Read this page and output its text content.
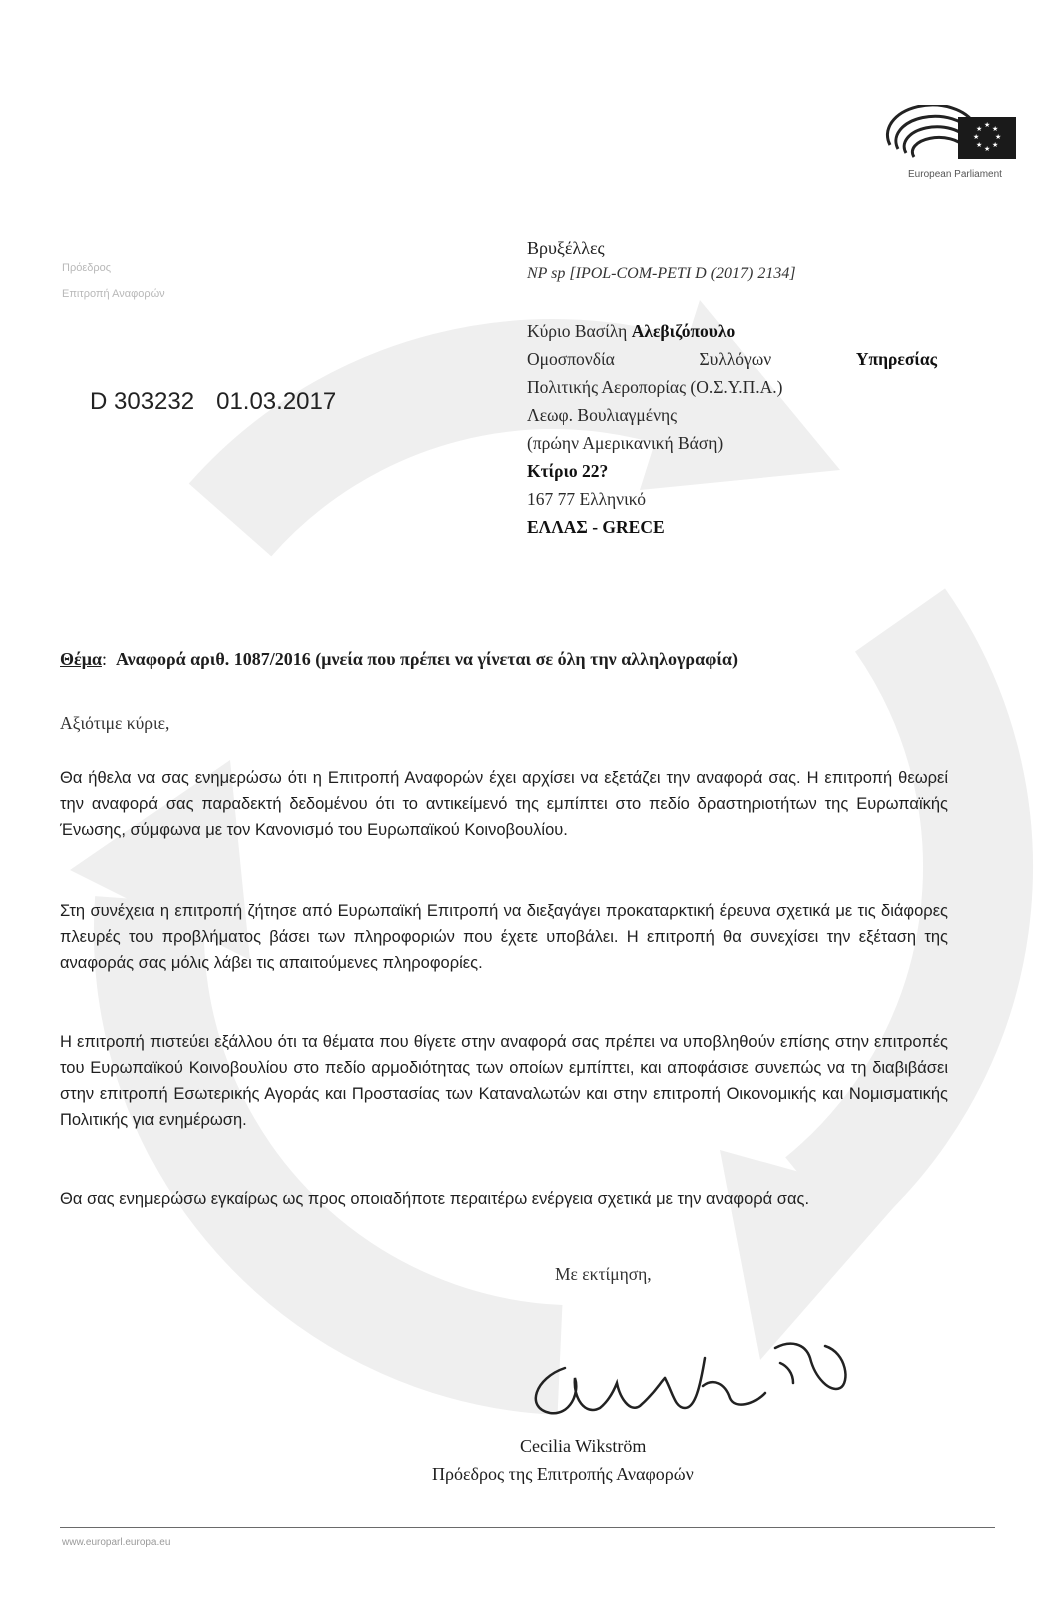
★ ★
★
★
★
★
★
★
European Parliament
Πρόεδρος
Επιτροπή Αναφορών
D 303232 01.03.2017
Βρυξέλλες
NP sp [IPOL-COM-PETI D (2017) 2134]
Κύριο Βασίλη Αλεβιζόπουλο
Ομοσπονδία	Συλλόγων	Υπηρεσίας
Πολιτικής Αεροπορίας (Ο.Σ.Υ.Π.Α.)
Λεωφ. Βουλιαγμένης
(πρώην Αμερικανική Βάση)
Κτίριο 22?
167 77 Ελληνικό
ΕΛΛΑΣ - GRECE
Θέμα:  Αναφορά αριθ. 1087/2016 (μνεία που πρέπει να γίνεται σε όλη την αλληλογραφία)
Αξιότιμε κύριε,
Θα ήθελα να σας ενημερώσω ότι η Επιτροπή Αναφορών έχει αρχίσει να εξετάζει την αναφορά σας. Η επιτροπή θεωρεί την αναφορά σας παραδεκτή δεδομένου ότι το αντικείμενό της εμπίπτει στο πεδίο δραστηριοτήτων της Ευρωπαϊκής Ένωσης, σύμφωνα με τον Κανονισμό του Ευρωπαϊκού Κοινοβουλίου.
Στη συνέχεια η επιτροπή ζήτησε από Ευρωπαϊκή Επιτροπή να διεξαγάγει προκαταρκτική έρευνα σχετικά με τις διάφορες πλευρές του προβλήματος βάσει των πληροφοριών που έχετε υποβάλει. Η επιτροπή θα συνεχίσει την εξέταση της αναφοράς σας μόλις λάβει τις απαιτούμενες πληροφορίες.
Η επιτροπή πιστεύει εξάλλου ότι τα θέματα που θίγετε στην αναφορά σας πρέπει να υποβληθούν επίσης στην επιτροπές του Ευρωπαϊκού Κοινοβουλίου στο πεδίο αρμοδιότητας των οποίων εμπίπτει, και αποφάσισε συνεπώς να τη διαβιβάσει στην επιτροπή Εσωτερικής Αγοράς και Προστασίας των Καταναλωτών και στην επιτροπή Οικονομικής και Νομισματικής Πολιτικής για ενημέρωση.
Θα σας ενημερώσω εγκαίρως ως προς οποιαδήποτε περαιτέρω ενέργεια σχετικά με την αναφορά σας.
Με εκτίμηση,
Cecilia Wikström
Πρόεδρος της Επιτροπής Αναφορών
www.europarl.europa.eu
